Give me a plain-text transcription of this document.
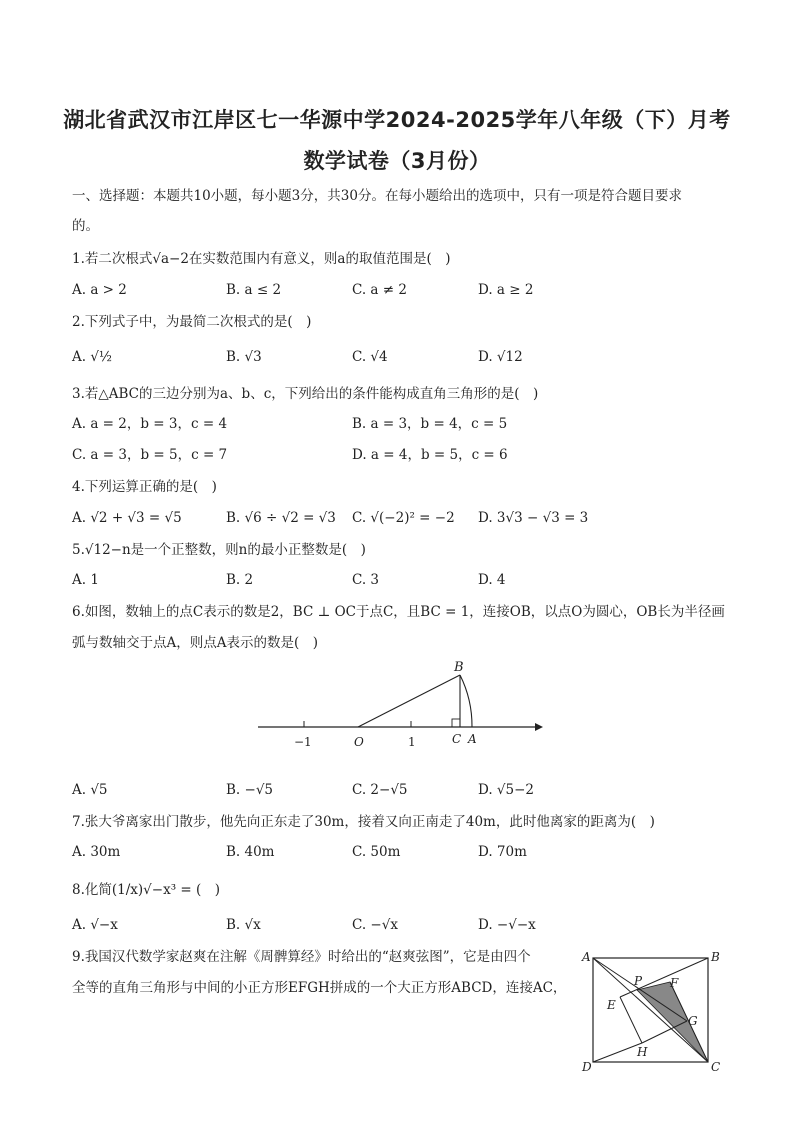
湖北省武汉市江岸区七一华源中学2024-2025学年八年级（下）月考
数学试卷（3月份）
一、选择题：本题共10小题，每小题3分，共30分。在每小题给出的选项中，只有一项是符合题目要求
的。
1.若二次根式√a−2在实数范围内有意义，则a的取值范围是(　)
A. a > 2	B. a ≤ 2	C. a ≠ 2	D. a ≥ 2
2.下列式子中，为最简二次根式的是(　)
A. √½	B. √3	C. √4	D. √12
3.若△ABC的三边分别为a、b、c，下列给出的条件能构成直角三角形的是(　)
A. a = 2，b = 3，c = 4	B. a = 3，b = 4，c = 5
C. a = 3，b = 5，c = 7	D. a = 4，b = 5，c = 6
4.下列运算正确的是(　)
A. √2 + √3 = √5	B. √6 ÷ √2 = √3 C. √(−2)² = −2 D. 3√3 − √3 = 3
5.√12−n是一个正整数，则n的最小正整数是(　)
A. 1	B. 2	C. 3	D. 4
6.如图，数轴上的点C表示的数是2，BC ⊥ OC于点C，且BC = 1，连接OB，以点O为圆心，OB长为半径画
弧与数轴交于点A，则点A表示的数是(　)
B
−1	O	1	C A
A. √5	B. −√5	C. 2−√5	D. √5−2
7.张大爷离家出门散步，他先向正东走了30m，接着又向正南走了40m，此时他离家的距离为(　)
A. 30m	B. 40m	C. 50m	D. 70m
8.化简(1/x)√−x³ = (　)
A. √−x	B. √x	C. −√x	D. −√−x
9.我国汉代数学家赵爽在注解《周髀算经》时给出的“赵爽弦图”，它是由四个
全等的直角三角形与中间的小正方形EFGH拼成的一个大正方形ABCD，连接AC，
A	B
C
D
E
F
G
H
P
